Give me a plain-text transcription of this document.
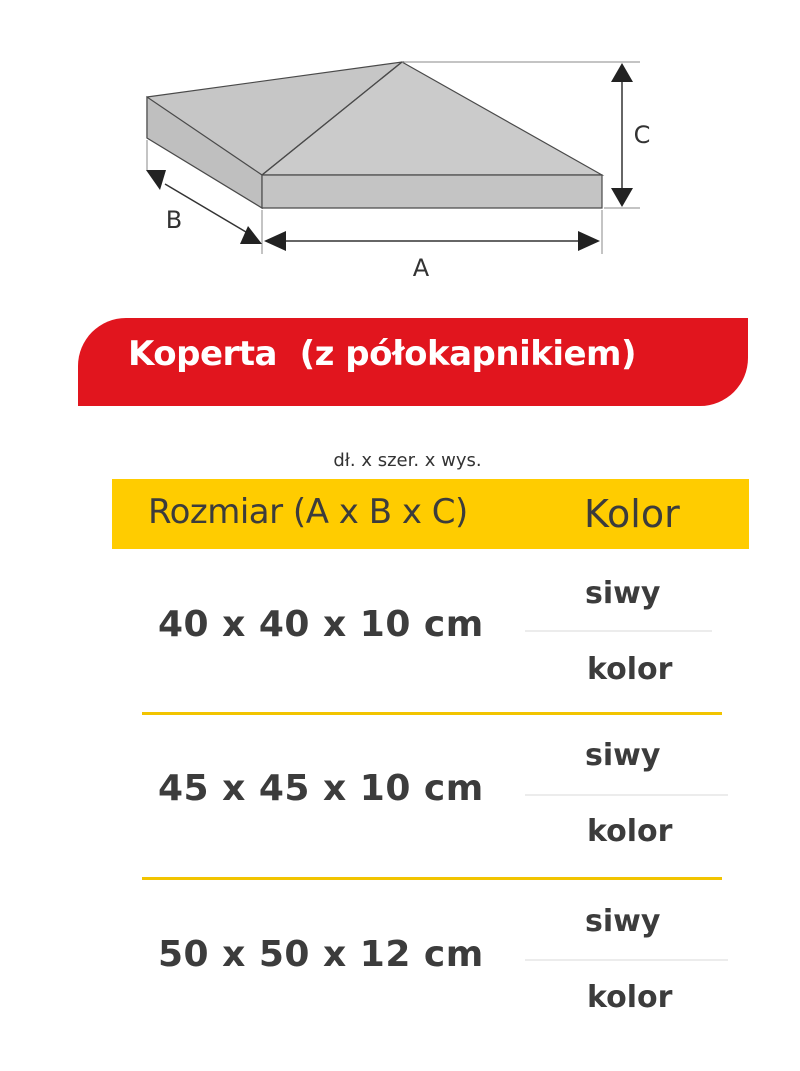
A
B
C
Koperta  (z półokapnikiem)
dł. x szer. x wys.
Rozmiar (A x B x C)	Kolor
40 x 40 x 10 cm
siwy
kolor
45 x 45 x 10 cm
siwy
kolor
50 x 50 x 12 cm
siwy
kolor
